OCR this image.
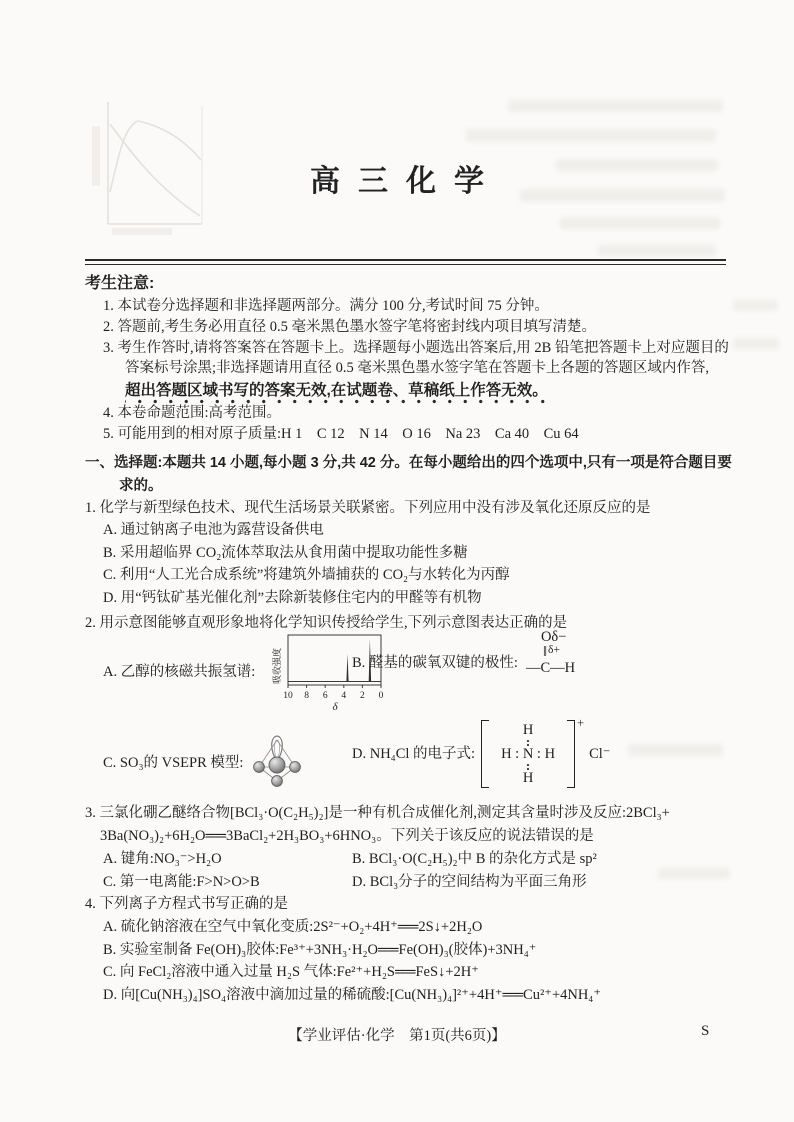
高三化学
考生注意:
1. 本试卷分选择题和非选择题两部分。满分 100 分,考试时间 75 分钟。
2. 答题前,考生务必用直径 0.5 毫米黑色墨水签字笔将密封线内项目填写清楚。
3. 考生作答时,请将答案答在答题卡上。选择题每小题选出答案后,用 2B 铅笔把答题卡上对应题目的
答案标号涂黑;非选择题请用直径 0.5 毫米黑色墨水签字笔在答题卡上各题的答题区域内作答,
超出答题区域书写的答案无效,在试题卷、草稿纸上作答无效。
4. 本卷命题范围:高考范围。
5. 可能用到的相对原子质量:H 1　C 12　N 14　O 16　Na 23　Ca 40　Cu 64
一、选择题:本题共 14 小题,每小题 3 分,共 42 分。在每小题给出的四个选项中,只有一项是符合题目要
求的。
1. 化学与新型绿色技术、现代生活场景关联紧密。下列应用中没有涉及氧化还原反应的是
A. 通过钠离子电池为露营设备供电
B. 采用超临界 CO₂流体萃取法从食用菌中提取功能性多糖
C. 利用“人工光合成系统”将建筑外墙捕获的 CO₂与水转化为丙醇
D. 用“钙钛矿基光催化剂”去除新装修住宅内的甲醛等有机物
2. 用示意图能够直观形象地将化学知识传授给学生,下列示意图表达正确的是
A. 乙醇的核磁共振氢谱:
10 8 6 4 2 0
δ
吸收强度	B. 醛基的碳氧双键的极性:
Oδ−
‖δ+
—C—H
C. SO₃的 VSEPR 模型:
D. NH₄Cl 的电子式:
H
:
H : N : H
:
H
+
Cl⁻
3. 三氯化硼乙醚络合物[BCl₃·O(C₂H₅)₂]是一种有机合成催化剂,测定其含量时涉及反应:2BCl₃+
3Ba(NO₃)₂+6H₂O══3BaCl₂+2H₃BO₃+6HNO₃。下列关于该反应的说法错误的是
A. 键角:NO₃⁻>H₂O	B. BCl₃·O(C₂H₅)₂中 B 的杂化方式是 sp²
C. 第一电离能:F>N>O>B	D. BCl₃分子的空间结构为平面三角形
4. 下列离子方程式书写正确的是
A. 硫化钠溶液在空气中氧化变质:2S²⁻+O₂+4H⁺══2S↓+2H₂O
B. 实验室制备 Fe(OH)₃胶体:Fe³⁺+3NH₃·H₂O══Fe(OH)₃(胶体)+3NH₄⁺
C. 向 FeCl₂溶液中通入过量 H₂S 气体:Fe²⁺+H₂S══FeS↓+2H⁺
D. 向[Cu(NH₃)₄]SO₄溶液中滴加过量的稀硫酸:[Cu(NH₃)₄]²⁺+4H⁺══Cu²⁺+4NH₄⁺
【学业评估·化学　第1页(共6页)】	S
